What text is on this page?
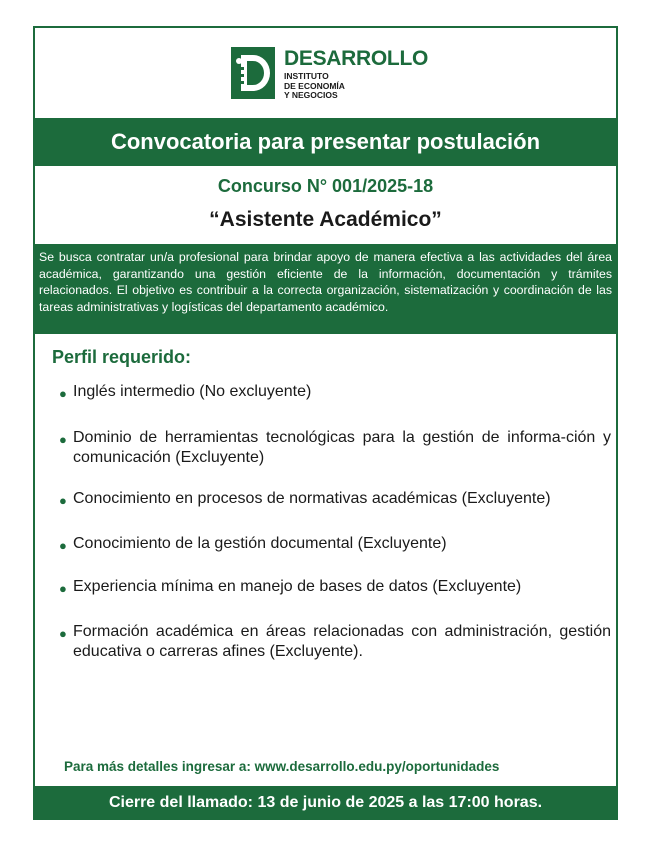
DESARROLLO
INSTITUTO
DE ECONOMÍA
Y NEGOCIOS
Convocatoria para presentar postulación
Concurso N° 001/2025-18
“Asistente Académico”
Se busca contratar un/a profesional para brindar apoyo de manera efectiva a las actividades del área académica, garantizando una gestión eficiente de la información, documentación y trámites relacionados. El objetivo es contribuir a la correcta organización, sistematización y coordinación de las tareas administrativas y logísticas del departamento académico.
Perfil requerido:
● Inglés intermedio (No excluyente)
● Dominio de herramientas tecnológicas para la gestión de informa-ción y comunicación (Excluyente)
● Conocimiento en procesos de normativas académicas (Excluyente)
● Conocimiento de la gestión documental (Excluyente)
● Experiencia mínima en manejo de bases de datos (Excluyente)
● Formación académica en áreas relacionadas con administración, gestión educativa o carreras afines (Excluyente).
Para más detalles ingresar a: www.desarrollo.edu.py/oportunidades
Cierre del llamado: 13 de junio de 2025 a las 17:00 horas.
